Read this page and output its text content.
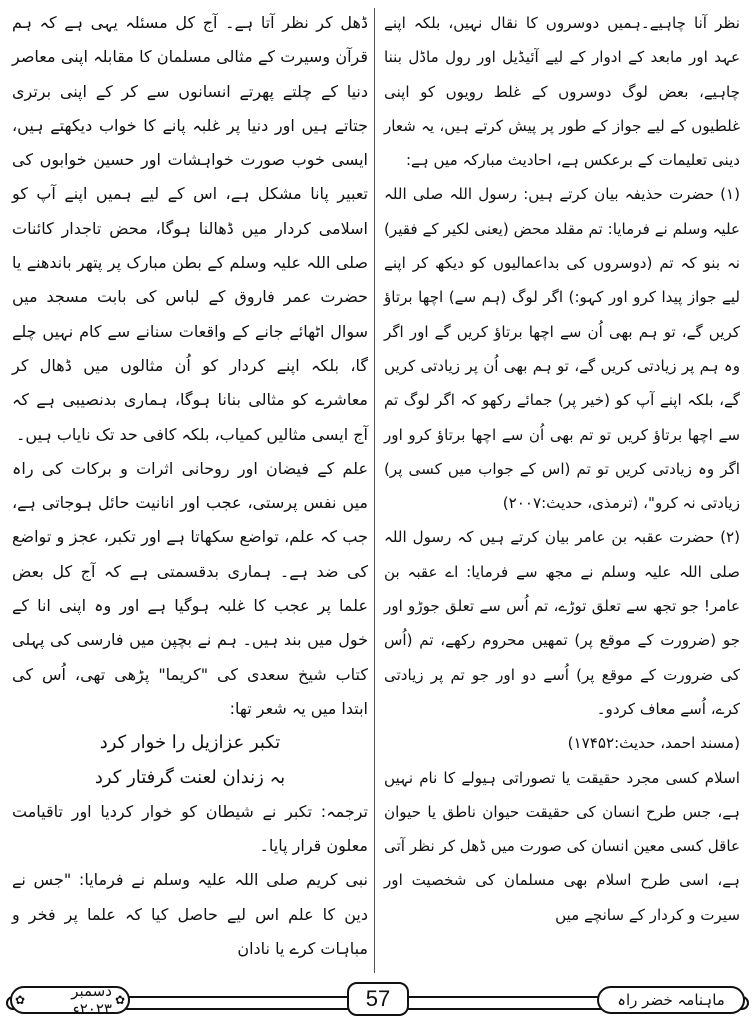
نظر آنا چاہیے۔ہمیں دوسروں کا نقال نہیں، بلکہ اپنے عہد اور مابعد کے ادوار کے لیے آئیڈیل اور رول ماڈل بننا چاہیے، بعض لوگ دوسروں کے غلط رویوں کو اپنی غلطیوں کے لیے جواز کے طور پر پیش کرتے ہیں، یہ شعار دینی تعلیمات کے برعکس ہے، احادیث مبارکہ میں ہے:

(۱) حضرت حذیفہ بیان کرتے ہیں: رسول اللہ صلی اللہ علیہ وسلم نے فرمایا: تم مقلد محض (یعنی لکیر کے فقیر) نہ بنو کہ تم (دوسروں کی بداعمالیوں کو دیکھ کر اپنے لیے جواز پیدا کرو اور کہو:) اگر لوگ (ہم سے) اچھا برتاؤ کریں گے، تو ہم بھی اُن سے اچھا برتاؤ کریں گے اور اگر وہ ہم پر زیادتی کریں گے، تو ہم بھی اُن پر زیادتی کریں گے، بلکہ اپنے آپ کو (خیر پر) جمائے رکھو کہ اگر لوگ تم سے اچھا برتاؤ کریں تو تم بھی اُن سے اچھا برتاؤ کرو اور اگر وہ زیادتی کریں تو تم (اس کے جواب میں کسی پر) زیادتی نہ کرو"، (ترمذی، حدیث:۲۰۰۷)

(۲) حضرت عقبہ بن عامر بیان کرتے ہیں کہ رسول اللہ صلی اللہ علیہ وسلم نے مجھ سے فرمایا: اے عقبہ بن عامر! جو تجھ سے تعلق توڑے، تم اُس سے تعلق جوڑو اور جو (ضرورت کے موقع پر) تمھیں محروم رکھے، تم (اُس کی ضرورت کے موقع پر) اُسے دو اور جو تم پر زیادتی کرے، اُسے معاف کردو۔

(مسند احمد، حدیث:۱۷۴۵۲)

اسلام کسی مجرد حقیقت یا تصوراتی ہیولے کا نام نہیں ہے، جس طرح انسان کی حقیقت حیوان ناطق یا حیوان عاقل کسی معین انسان کی صورت میں ڈھل کر نظر آتی ہے، اسی طرح اسلام بھی مسلمان کی شخصیت اور سیرت و کردار کے سانچے میں

ڈھل کر نظر آتا ہے۔ آج کل مسئلہ یہی ہے کہ ہم قرآن وسیرت کے مثالی مسلمان کا مقابلہ اپنی معاصر دنیا کے چلتے پھرتے انسانوں سے کر کے اپنی برتری جتاتے ہیں اور دنیا پر غلبہ پانے کا خواب دیکھتے ہیں، ایسی خوب صورت خواہشات اور حسین خوابوں کی تعبیر پانا مشکل ہے، اس کے لیے ہمیں اپنے آپ کو اسلامی کردار میں ڈھالنا ہوگا، محض تاجدار کائنات صلی اللہ علیہ وسلم کے بطن مبارک پر پتھر باندھنے یا حضرت عمر فاروق کے لباس کی بابت مسجد میں سوال اٹھائے جانے کے واقعات سنانے سے کام نہیں چلے گا، بلکہ اپنے کردار کو اُن مثالوں میں ڈھال کر معاشرے کو مثالی بنانا ہوگا، ہماری بدنصیبی ہے کہ آج ایسی مثالیں کمیاب، بلکہ کافی حد تک نایاب ہیں۔

علم کے فیضان اور روحانی اثرات و برکات کی راہ میں نفس پرستی، عجب اور انانیت حائل ہوجاتی ہے، جب کہ علم، تواضع سکھاتا ہے اور تکبر، عجز و تواضع کی ضد ہے۔ ہماری بدقسمتی ہے کہ آج کل بعض علما پر عجب کا غلبہ ہوگیا ہے اور وہ اپنی انا کے خول میں بند ہیں۔ ہم نے بچپن میں فارسی کی پہلی کتاب شیخ سعدی کی "کریما" پڑھی تھی، اُس کی ابتدا میں یہ شعر تھا:

تکبر عزازیل را خوار کرد

بہ زندان لعنت گرفتار کرد

ترجمہ: تکبر نے شیطان کو خوار کردیا اور تاقیامت معلون قرار پایا۔

نبی کریم صلی اللہ علیہ وسلم نے فرمایا: "جس نے دین کا علم اس لیے حاصل کیا کہ علما پر فخر و مباہات کرے یا نادان

✿
دسمبر ۲۰۲۳ء
✿	57	ماہنامہ خضر راہ
